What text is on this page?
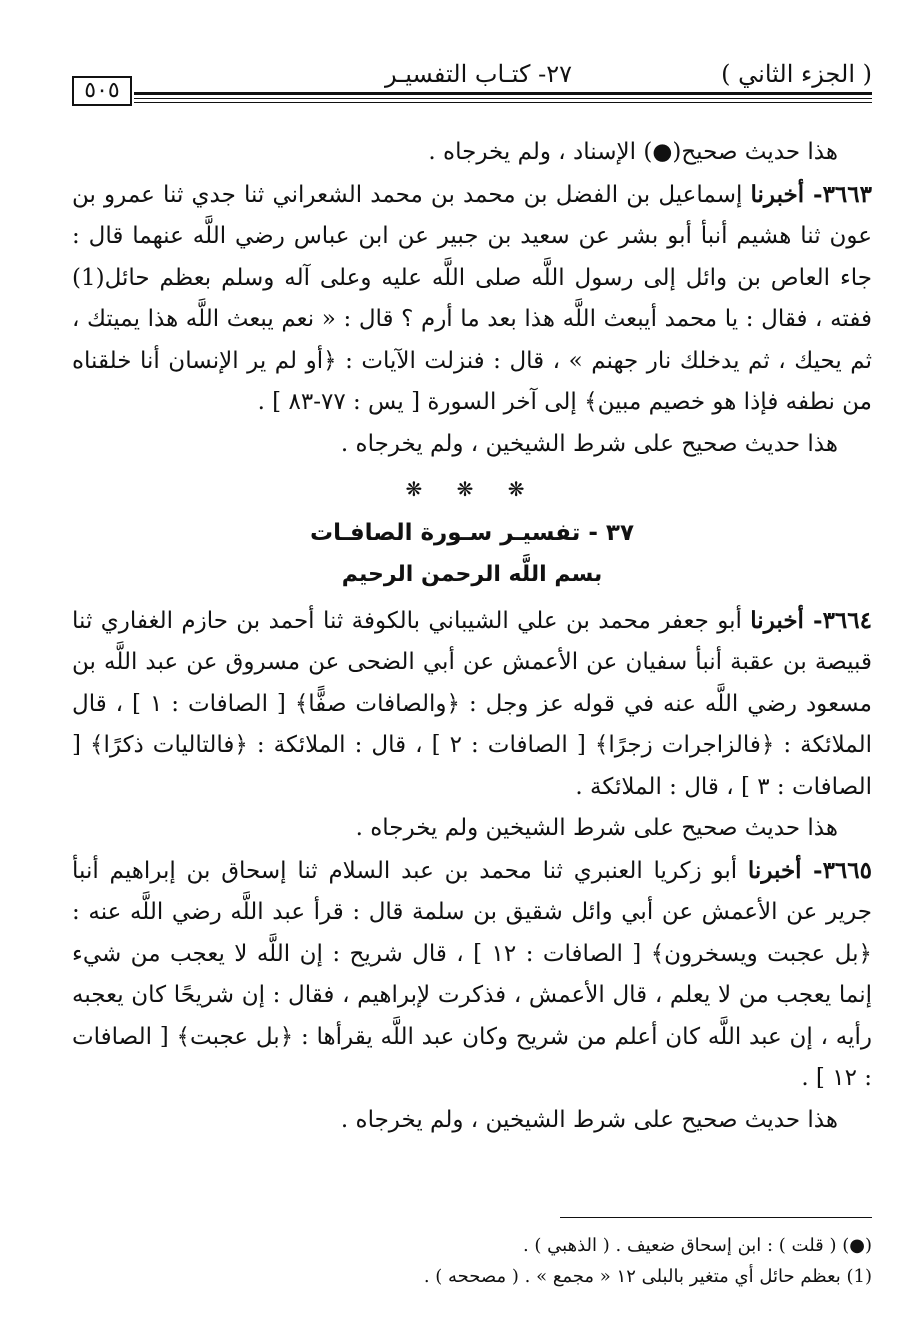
( الجزء الثاني )
٢٧- كتـاب التفسيـر
٥٠٥

هذا حديث صحيح(●) الإسناد ، ولم يخرجاه .

٣٦٦٣- أخبرنا إسماعيل بن الفضل بن محمد بن محمد الشعراني ثنا جدي ثنا عمرو بن عون ثنا هشيم أنبأ أبو بشر عن سعيد بن جبير عن ابن عباس رضي اللَّه عنهما قال : جاء العاص بن وائل إلى رسول اللَّه صلى اللَّه عليه وعلى آله وسلم بعظم حائل(1) ففته ، فقال : يا محمد أيبعث اللَّه هذا بعد ما أرم ؟ قال : « نعم يبعث اللَّه هذا يميتك ، ثم يحيك ، ثم يدخلك نار جهنم » ، قال : فنزلت الآيات : ﴿أو لم ير الإنسان أنا خلقناه من نطفه فإذا هو خصيم مبين﴾ إلى آخر السورة [ يس : ٧٧-٨٣ ] .

هذا حديث صحيح على شرط الشيخين ، ولم يخرجاه .

❋ ❋ ❋
٣٧ - تفسيـر سـورة الصافـات
بسم اللَّه الرحمن الرحيم

٣٦٦٤- أخبرنا أبو جعفر محمد بن علي الشيباني بالكوفة ثنا أحمد بن حازم الغفاري ثنا قبيصة بن عقبة أنبأ سفيان عن الأعمش عن أبي الضحى عن مسروق عن عبد اللَّه بن مسعود رضي اللَّه عنه في قوله عز وجل : ﴿والصافات صفًّا﴾ [ الصافات : ١ ] ، قال الملائكة : ﴿فالزاجرات زجرًا﴾ [ الصافات : ٢ ] ، قال : الملائكة : ﴿فالتاليات ذكرًا﴾ [ الصافات : ٣ ] ، قال : الملائكة .

هذا حديث صحيح على شرط الشيخين ولم يخرجاه .

٣٦٦٥- أخبرنا أبو زكريا العنبري ثنا محمد بن عبد السلام ثنا إسحاق بن إبراهيم أنبأ جرير عن الأعمش عن أبي وائل شقيق بن سلمة قال : قرأ عبد اللَّه رضي اللَّه عنه : ﴿بل عجبت ويسخرون﴾ [ الصافات : ١٢ ] ، قال شريح : إن اللَّه لا يعجب من شيء إنما يعجب من لا يعلم ، قال الأعمش ، فذكرت لإبراهيم ، فقال : إن شريحًا كان يعجبه رأيه ، إن عبد اللَّه كان أعلم من شريح وكان عبد اللَّه يقرأها : ﴿بل عجبت﴾ [ الصافات : ١٢ ] .

هذا حديث صحيح على شرط الشيخين ، ولم يخرجاه .

(●) ( قلت ) : ابن إسحاق ضعيف . ( الذهبي ) .
(1) بعظم حائل أي متغير بالبلى ١٢ « مجمع » . ( مصححه ) .
